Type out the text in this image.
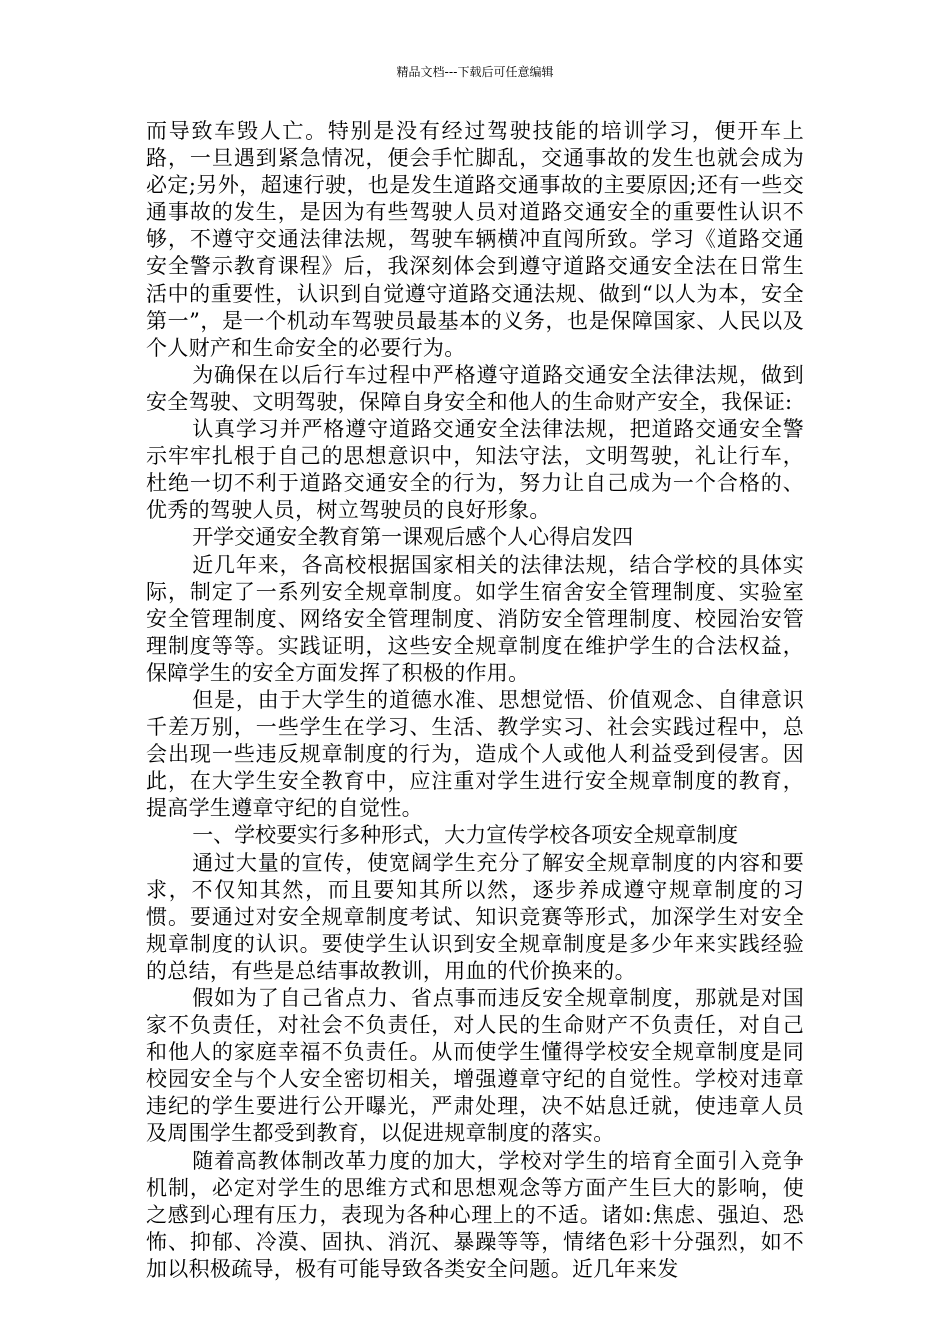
精品文档---下载后可任意编辑

而导致车毁人亡。特别是没有经过驾驶技能的培训学习，便开车上路，一旦遇到紧急情况，便会手忙脚乱，交通事故的发生也就会成为必定;另外，超速行驶，也是发生道路交通事故的主要原因;还有一些交通事故的发生，是因为有些驾驶人员对道路交通安全的重要性认识不够，不遵守交通法律法规，驾驶车辆横冲直闯所致。学习《道路交通安全警示教育课程》后，我深刻体会到遵守道路交通安全法在日常生活中的重要性，认识到自觉遵守道路交通法规、做到“以人为本，安全第一”，是一个机动车驾驶员最基本的义务，也是保障国家、人民以及个人财产和生命安全的必要行为。

为确保在以后行车过程中严格遵守道路交通安全法律法规，做到安全驾驶、文明驾驶，保障自身安全和他人的生命财产安全，我保证:

认真学习并严格遵守道路交通安全法律法规，把道路交通安全警示牢牢扎根于自己的思想意识中，知法守法，文明驾驶，礼让行车，杜绝一切不利于道路交通安全的行为，努力让自己成为一个合格的、优秀的驾驶人员，树立驾驶员的良好形象。

开学交通安全教育第一课观后感个人心得启发四

近几年来，各高校根据国家相关的法律法规，结合学校的具体实际，制定了一系列安全规章制度。如学生宿舍安全管理制度、实验室安全管理制度、网络安全管理制度、消防安全管理制度、校园治安管理制度等等。实践证明，这些安全规章制度在维护学生的合法权益，保障学生的安全方面发挥了积极的作用。

但是，由于大学生的道德水准、思想觉悟、价值观念、自律意识千差万别，一些学生在学习、生活、教学实习、社会实践过程中，总会出现一些违反规章制度的行为，造成个人或他人利益受到侵害。因此，在大学生安全教育中，应注重对学生进行安全规章制度的教育，提高学生遵章守纪的自觉性。

一、学校要实行多种形式，大力宣传学校各项安全规章制度

通过大量的宣传，使宽阔学生充分了解安全规章制度的内容和要求，不仅知其然，而且要知其所以然，逐步养成遵守规章制度的习惯。要通过对安全规章制度考试、知识竞赛等形式，加深学生对安全规章制度的认识。要使学生认识到安全规章制度是多少年来实践经验的总结，有些是总结事故教训，用血的代价换来的。

假如为了自己省点力、省点事而违反安全规章制度，那就是对国家不负责任，对社会不负责任，对人民的生命财产不负责任，对自己和他人的家庭幸福不负责任。从而使学生懂得学校安全规章制度是同校园安全与个人安全密切相关，增强遵章守纪的自觉性。学校对违章违纪的学生要进行公开曝光，严肃处理，决不姑息迁就，使违章人员及周围学生都受到教育，以促进规章制度的落实。

随着高教体制改革力度的加大，学校对学生的培育全面引入竞争机制，必定对学生的思维方式和思想观念等方面产生巨大的影响，使之感到心理有压力，表现为各种心理上的不适。诸如:焦虑、强迫、恐怖、抑郁、冷漠、固执、消沉、暴躁等等，情绪色彩十分强烈，如不加以积极疏导，极有可能导致各类安全问题。近几年来发
